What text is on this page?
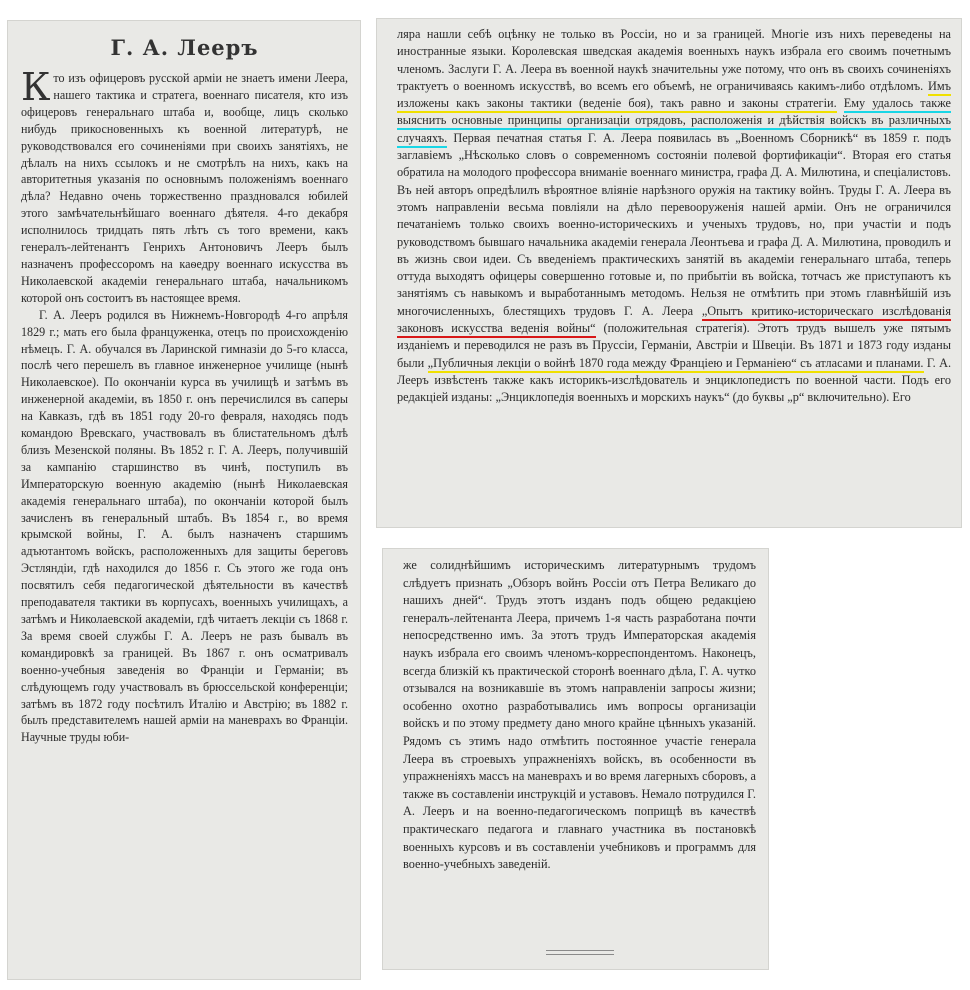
Г. А. Лееръ

Кто изъ офицеровъ русской арміи не знаетъ имени Леера, нашего тактика и стратега, военнаго писателя, кто изъ офицеровъ генеральнаго штаба и, вообще, лицъ сколько нибудь прикосновенныхъ къ военной литературѣ, не руководствовался его сочиненіями при своихъ занятіяхъ, не дѣлалъ на нихъ ссылокъ и не смотрѣлъ на нихъ, какъ на авторитетныя указанія по основнымъ положеніямъ военнаго дѣла? Недавно очень торжественно праздновался юбилей этого замѣчательнѣйшаго военнаго дѣятеля. 4-го декабря исполнилось тридцать пять лѣтъ съ того времени, какъ генералъ-лейтенантъ Генрихъ Антоновичъ Лееръ былъ назначенъ профессоромъ на каѳедру военнаго искусства въ Николаевской академіи генеральнаго штаба, начальникомъ которой онъ состоитъ въ настоящее время.

Г. А. Лееръ родился въ Нижнемъ-Новгородѣ 4-го апрѣля 1829 г.; мать его была француженка, отецъ по происхожденію нѣмецъ. Г. А. обучался въ Ларинской гимназіи до 5-го класса, послѣ чего перешелъ въ главное инженерное училище (нынѣ Николаевское). По окончаніи курса въ училищѣ и затѣмъ въ инженерной академіи, въ 1850 г. онъ перечислился въ саперы на Кавказъ, гдѣ въ 1851 году 20-го февраля, находясь подъ командою Вревскаго, участвовалъ въ блистательномъ дѣлѣ близъ Мезенской поляны. Въ 1852 г. Г. А. Лееръ, получившій за кампанію старшинство въ чинѣ, поступилъ въ Императорскую военную академію (нынѣ Николаевская академія генеральнаго штаба), по окончаніи которой былъ зачисленъ въ генеральный штабъ. Въ 1854 г., во время крымской войны, Г. А. былъ назначенъ старшимъ адъютантомъ войскъ, расположенныхъ для защиты береговъ Эстляндіи, гдѣ находился до 1856 г. Съ этого же года онъ посвятилъ себя педагогической дѣятельности въ качествѣ преподавателя тактики въ корпусахъ, военныхъ училищахъ, а затѣмъ и Николаевской академіи, гдѣ читаетъ лекціи съ 1868 г. За время своей службы Г. А. Лееръ не разъ бывалъ въ командировкѣ за границей. Въ 1867 г. онъ осматривалъ военно-учебныя заведенія во Франціи и Германіи; въ слѣдующемъ году участвовалъ въ брюссельской конференціи; затѣмъ въ 1872 году посѣтилъ Италію и Австрію; въ 1882 г. былъ представителемъ нашей арміи на маневрахъ во Франціи. Научные труды юби-

ляра нашли себѣ оцѣнку не только въ Россіи, но и за границей. Многіе изъ нихъ переведены на иностранные языки. Королевская шведская академія военныхъ наукъ избрала его своимъ почетнымъ членомъ. Заслуги Г. А. Леера въ военной наукѣ значительны уже потому, что онъ въ своихъ сочиненіяхъ трактуетъ о военномъ искусствѣ, во всемъ его объемѣ, не ограничиваясь какимъ-либо отдѣломъ. Имъ изложены какъ законы тактики (веденіе боя), такъ равно и законы стратегіи. Ему удалось также выяснить основные принципы организаціи отрядовъ, расположенія и дѣйствія войскъ въ различныхъ случаяхъ. Первая печатная статья Г. А. Леера появилась въ „Военномъ Сборникѣ“ въ 1859 г. подъ заглавіемъ „Нѣсколько словъ о современномъ состояніи полевой фортификаціи“. Вторая его статья обратила на молодого профессора вниманіе военнаго министра, графа Д. А. Милютина, и спеціалистовъ. Въ ней авторъ опредѣлилъ вѣроятное вліяніе нарѣзного оружія на тактику войнъ. Труды Г. А. Леера въ этомъ направленіи весьма повліяли на дѣло перевооруженія нашей арміи. Онъ не ограничился печатаніемъ только своихъ военно-историческихъ и ученыхъ трудовъ, но, при участіи и подъ руководствомъ бывшаго начальника академіи генерала Леонтьева и графа Д. А. Милютина, проводилъ и въ жизнь свои идеи. Съ введеніемъ практическихъ занятій въ академіи генеральнаго штаба, теперь оттуда выходятъ офицеры совершенно готовые и, по прибытіи въ войска, тотчасъ же приступаютъ къ занятіямъ съ навыкомъ и выработаннымъ методомъ. Нельзя не отмѣтить при этомъ главнѣйшій изъ многочисленныхъ, блестящихъ трудовъ Г. А. Леера „Опытъ критико-историческаго изслѣдованія законовъ искусства веденія войны“ (положительная стратегія). Этотъ трудъ вышелъ уже пятымъ изданіемъ и переводился не разъ въ Пруссіи, Германіи, Австріи и Швеціи. Въ 1871 и 1873 году изданы были „Публичныя лекціи о войнѣ 1870 года между Франціею и Германіею“ съ атласами и планами. Г. А. Лееръ извѣстенъ также какъ историкъ-изслѣдователь и энциклопедистъ по военной части. Подъ его редакціей изданы: „Энциклопедія военныхъ и морскихъ наукъ“ (до буквы „р“ включительно). Его

же солиднѣйшимъ историческимъ литературнымъ трудомъ слѣдуетъ признать „Обзоръ войнъ Россіи отъ Петра Великаго до нашихъ дней“. Трудъ этотъ изданъ подъ общею редакціею генералъ-лейтенанта Леера, причемъ 1-я часть разработана почти непосредственно имъ. За этотъ трудъ Императорская академія наукъ избрала его своимъ членомъ-корреспондентомъ. Наконецъ, всегда близкій къ практической сторонѣ военнаго дѣла, Г. А. чутко отзывался на возникавшіе въ этомъ направленіи запросы жизни; особенно охотно разработывались имъ вопросы организаціи войскъ и по этому предмету дано много крайне цѣнныхъ указаній. Рядомъ съ этимъ надо отмѣтить постоянное участіе генерала Леера въ строевыхъ упражненіяхъ войскъ, въ особенности въ упражненіяхъ массъ на маневрахъ и во время лагерныхъ сборовъ, а также въ составленіи инструкцій и уставовъ. Немало потрудился Г. А. Лееръ и на военно-педагогическомъ поприщѣ въ качествѣ практическаго педагога и главнаго участника въ постановкѣ военныхъ курсовъ и въ составленіи учебниковъ и программъ для военно-учебныхъ заведеній.
